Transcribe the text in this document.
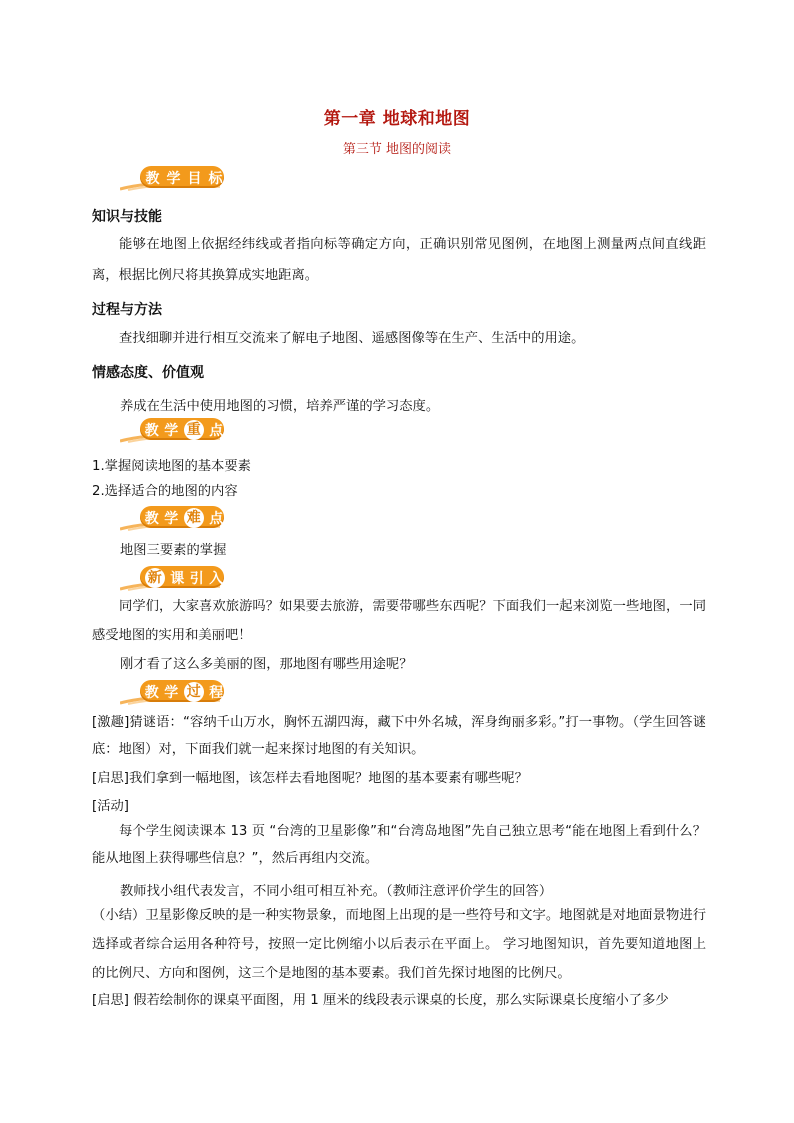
第一章 地球和地图
第三节 地图的阅读
教 学 目 标
知识与技能
能够在地图上依据经纬线或者指向标等确定方向，正确识别常见图例，在地图上测量两点间直线距离，根据比例尺将其换算成实地距离。
过程与方法
查找细聊并进行相互交流来了解电子地图、遥感图像等在生产、生活中的用途。
情感态度、价值观
养成在生活中使用地图的习惯，培养严谨的学习态度。
教 学 重 点
1.掌握阅读地图的基本要素
2.选择适合的地图的内容
教 学 难 点
地图三要素的掌握
新 课 引 入
同学们，大家喜欢旅游吗？如果要去旅游，需要带哪些东西呢？下面我们一起来浏览一些地图，一同感受地图的实用和美丽吧！
刚才看了这么多美丽的图，那地图有哪些用途呢？
教 学 过 程
[激趣]猜谜语：“容纳千山万水，胸怀五湖四海，藏下中外名城，浑身绚丽多彩。”打一事物。（学生回答谜底：地图）对，下面我们就一起来探讨地图的有关知识。
[启思]我们拿到一幅地图，该怎样去看地图呢？地图的基本要素有哪些呢？
[活动]
每个学生阅读课本 13 页 “台湾的卫星影像”和“台湾岛地图”先自己独立思考“能在地图上看到什么？能从地图上获得哪些信息？”，然后再组内交流。
教师找小组代表发言，不同小组可相互补充。（教师注意评价学生的回答）
（小结）卫星影像反映的是一种实物景象，而地图上出现的是一些符号和文字。地图就是对地面景物进行选择或者综合运用各种符号，按照一定比例缩小以后表示在平面上。 学习地图知识，首先要知道地图上的比例尺、方向和图例，这三个是地图的基本要素。我们首先探讨地图的比例尺。
[启思] 假若绘制你的课桌平面图，用 1 厘米的线段表示课桌的长度，那么实际课桌长度缩小了多少
